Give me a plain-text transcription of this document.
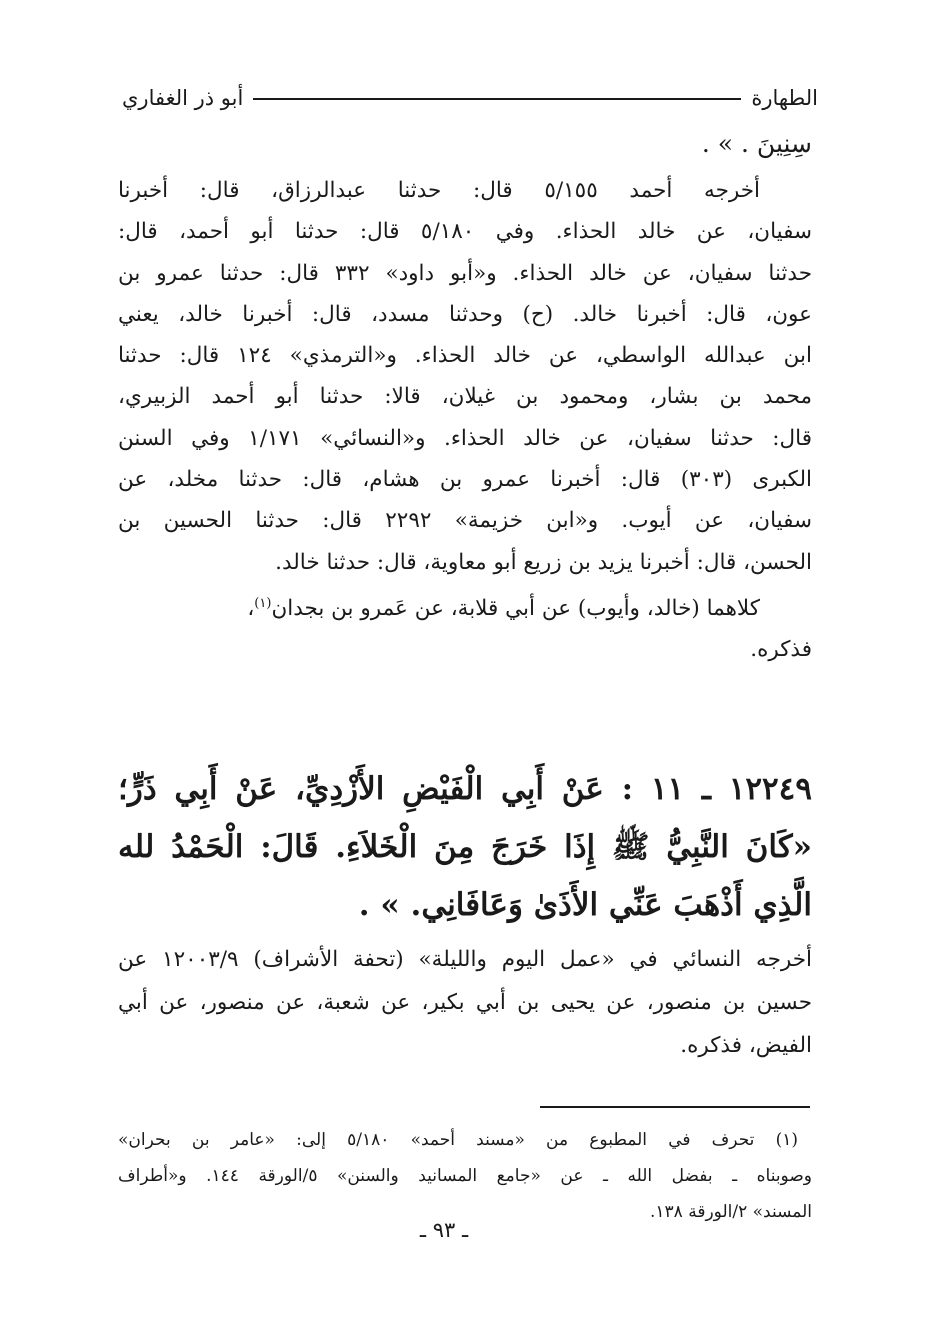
الطهارة
أبو ذر الغفاري
سِنِينَ . » .
أخرجه أحمد ٥/١٥٥ قال: حدثنا عبدالرزاق، قال: أخبرنا
سفيان، عن خالد الحذاء. وفي ٥/١٨٠ قال: حدثنا أبو أحمد، قال:
حدثنا سفيان، عن خالد الحذاء. و«أبو داود» ٣٣٢ قال: حدثنا عمرو بن
عون، قال: أخبرنا خالد. (ح) وحدثنا مسدد، قال: أخبرنا خالد، يعني
ابن عبدالله الواسطي، عن خالد الحذاء. و«الترمذي» ١٢٤ قال: حدثنا
محمد بن بشار، ومحمود بن غيلان، قالا: حدثنا أبو أحمد الزبيري،
قال: حدثنا سفيان، عن خالد الحذاء. و«النسائي» ١/١٧١ وفي السنن
الكبرى (٣٠٣) قال: أخبرنا عمرو بن هشام، قال: حدثنا مخلد، عن
سفيان، عن أيوب. و«ابن خزيمة» ٢٢٩٢ قال: حدثنا الحسين بن
الحسن، قال: أخبرنا يزيد بن زريع أبو معاوية، قال: حدثنا خالد.
كلاهما (خالد، وأيوب) عن أبي قلابة، عن عَمرو بن بجدان$^{(١)}$،
فذكره.
١٢٢٤٩ ـ ١١ : عَنْ أَبِي الْفَيْضِ الأَزْدِيِّ، عَنْ أَبِي ذَرٍّ؛
«كَانَ النَّبِيُّ ﷺ إِذَا خَرَجَ مِنَ الْخَلاَءِ. قَالَ: الْحَمْدُ لله
الَّذِي أَذْهَبَ عَنِّي الأَذَىٰ وَعَافَانِي. » .
أخرجه النسائي في «عمل اليوم والليلة» (تحفة الأشراف) ١٢٠٠٣/٩ عن
حسين بن منصور، عن يحيى بن أبي بكير، عن شعبة، عن منصور، عن أبي
الفيض، فذكره.
(١) تحرف في المطبوع من «مسند أحمد» ٥/١٨٠ إلى: «عامر بن بحران»
وصوبناه ـ بفضل الله ـ عن «جامع المسانيد والسنن» ٥/الورقة ١٤٤. و«أطراف
المسند» ٢/الورقة ١٣٨.
ـ ٩٣ ـ
